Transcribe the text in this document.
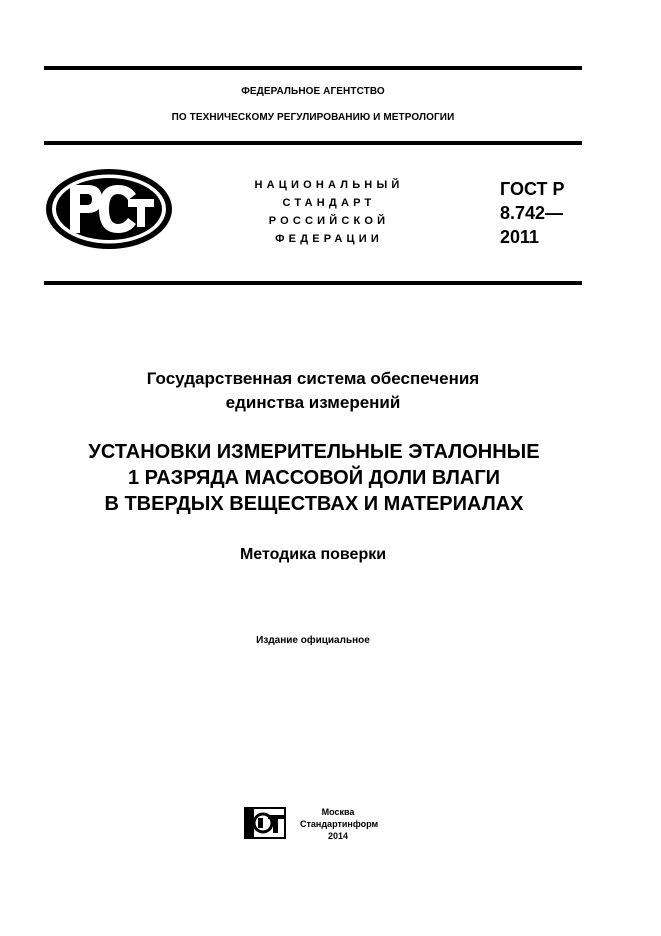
ФЕДЕРАЛЬНОЕ АГЕНТСТВО
ПО ТЕХНИЧЕСКОМУ РЕГУЛИРОВАНИЮ И МЕТРОЛОГИИ
НАЦИОНАЛЬНЫЙ
СТАНДАРТ
РОССИЙСКОЙ
ФЕДЕРАЦИИ
ГОСТ Р
8.742—
2011
Государственная система обеспечения
единства измерений
УСТАНОВКИ ИЗМЕРИТЕЛЬНЫЕ ЭТАЛОННЫЕ
1 РАЗРЯДА МАССОВОЙ ДОЛИ ВЛАГИ
В ТВЕРДЫХ ВЕЩЕСТВАХ И МАТЕРИАЛАХ
Методика поверки
Издание официальное
Москва
Стандартинформ
2014
